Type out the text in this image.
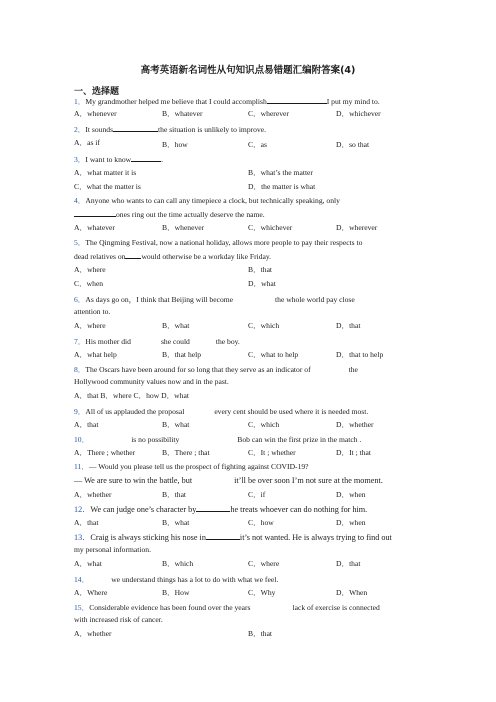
高考英语新名词性从句知识点易错题汇编附答案(4)
一、选择题
1．My grandmother helped me believe that I could accomplish	I put my mind to.
A．whenever	B．whatever	C．wherever	D．whichever
2．It sounds	the situation is unlikely to improve.
A．as if	B．how	C．as	D．so that
3．I want to know	.
A．what matter it is	B．what’s the matter
C．what the matter is	D．the matter is what
4．Anyone who wants to can call any timepiece a clock, but technically speaking, only
ones ring out the time actually deserve the name.
A．whatever	B．whenever	C．whichever	D．wherever
5．The Qingming Festival, now a national holiday, allows more people to pay their respects to
dead relatives on would otherwise be a workday like Friday.
A．where	B．that
C．when	D．what
6．As days go on，I think that Beijing will become	the whole world pay close
attention to.
A．where	B．what	C．which	D．that
7．His mother did	she could	the boy.
A．what help	B．that help	C．what to help	D．that to help
8．The Oscars have been around for so long that they serve as an indicator of	the
Hollywood community values now and in the past.
A．that B．where C．how D．what
9．All of us applauded the proposal	every cent should be used where it is needed most.
A．that	B．what	C．which	D．whether
10．	is no possibility	Bob can win the first prize in the match .
A．There ; whether	B．There ; that	C．It ; whether	D．It ; that
11．— Would you please tell us the prospect of fighting against COVID-19?
— We are sure to win the battle, but	it’ll be over soon I’m not sure at the moment.
A．whether	B．that	C．if	D．when
12．We can judge one’s character by	he treats whoever can do nothing for him.
A．that	B．what	C．how	D．when
13．Craig is always sticking his nose in	it’s not wanted. He is always trying to find out
my personal information.
A．what	B．which	C．where	D．that
14．	we understand things has a lot to do with what we feel.
A．Where	B．How	C．Why	D．When
15．Considerable evidence has been found over the years	lack of exercise is connected
with increased risk of cancer.
A．whether	B．that
